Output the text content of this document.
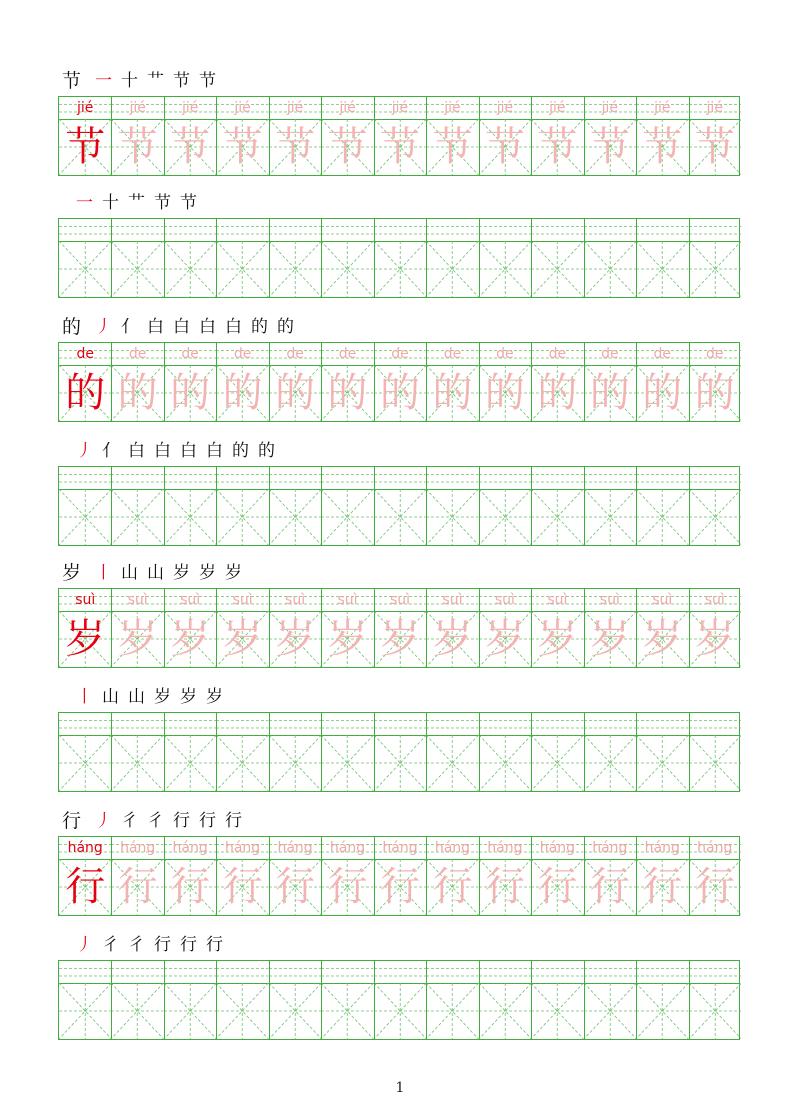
节 一 十 艹 节 节
jié
节
jié
节
jié
节
jié
节
jié
节
jié
节
jié
节
jié
节
jié
节
jié
节
jié
节
jié
节
jié
节
一 十 艹 节 节
的 丿 亻 白 白 白 白 的 的
de
的
de
的
de
的
de
的
de
的
de
的
de
的
de
的
de
的
de
的
de
的
de
的
de
的
丿 亻 白 白 白 白 的 的
岁 丨 山 山 岁 岁 岁
suì
岁
suì
岁
suì
岁
suì
岁
suì
岁
suì
岁
suì
岁
suì
岁
suì
岁
suì
岁
suì
岁
suì
岁
suì
岁
丨 山 山 岁 岁 岁
行 丿 彳 彳 行 行 行
háng
行
háng
行
háng
行
háng
行
háng
行
háng
行
háng
行
háng
行
háng
行
háng
行
háng
行
háng
行
háng
行
丿 彳 彳 行 行 行
1
